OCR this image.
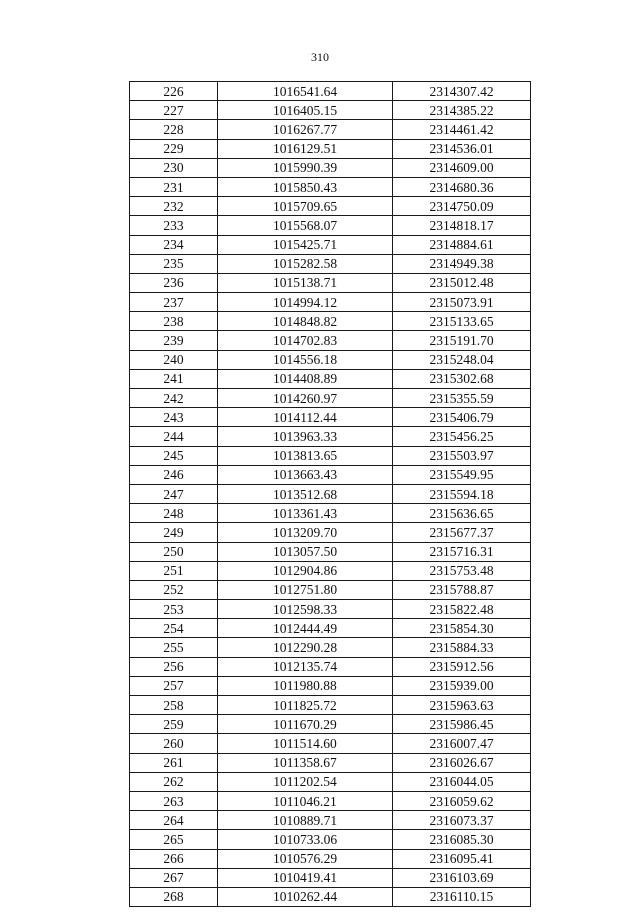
310
226	1016541.64	2314307.42
227	1016405.15	2314385.22
228	1016267.77	2314461.42
229	1016129.51	2314536.01
230	1015990.39	2314609.00
231	1015850.43	2314680.36
232	1015709.65	2314750.09
233	1015568.07	2314818.17
234	1015425.71	2314884.61
235	1015282.58	2314949.38
236	1015138.71	2315012.48
237	1014994.12	2315073.91
238	1014848.82	2315133.65
239	1014702.83	2315191.70
240	1014556.18	2315248.04
241	1014408.89	2315302.68
242	1014260.97	2315355.59
243	1014112.44	2315406.79
244	1013963.33	2315456.25
245	1013813.65	2315503.97
246	1013663.43	2315549.95
247	1013512.68	2315594.18
248	1013361.43	2315636.65
249	1013209.70	2315677.37
250	1013057.50	2315716.31
251	1012904.86	2315753.48
252	1012751.80	2315788.87
253	1012598.33	2315822.48
254	1012444.49	2315854.30
255	1012290.28	2315884.33
256	1012135.74	2315912.56
257	1011980.88	2315939.00
258	1011825.72	2315963.63
259	1011670.29	2315986.45
260	1011514.60	2316007.47
261	1011358.67	2316026.67
262	1011202.54	2316044.05
263	1011046.21	2316059.62
264	1010889.71	2316073.37
265	1010733.06	2316085.30
266	1010576.29	2316095.41
267	1010419.41	2316103.69
268	1010262.44	2316110.15
